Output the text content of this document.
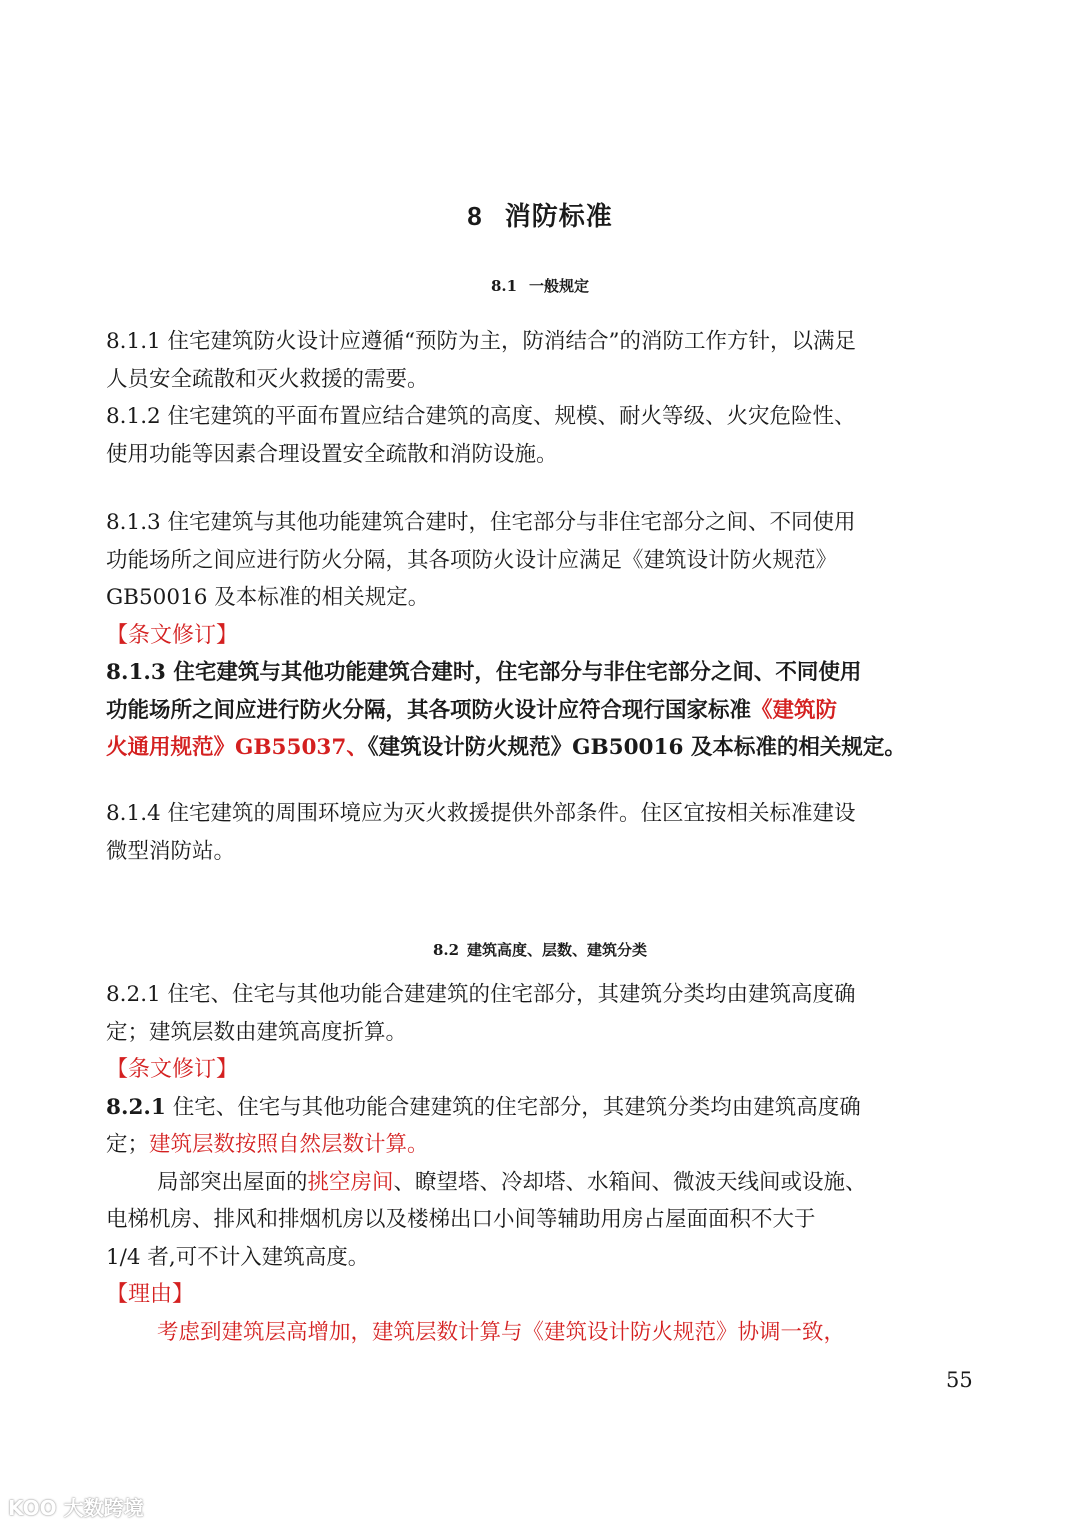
8 消防标准
8.1 一般规定
8.1.1 住宅建筑防火设计应遵循“预防为主，防消结合”的消防工作方针，以满足
人员安全疏散和灭火救援的需要。
8.1.2 住宅建筑的平面布置应结合建筑的高度、规模、耐火等级、火灾危险性、
使用功能等因素合理设置安全疏散和消防设施。
8.1.3 住宅建筑与其他功能建筑合建时，住宅部分与非住宅部分之间、不同使用
功能场所之间应进行防火分隔，其各项防火设计应满足《建筑设计防火规范》
GB50016 及本标准的相关规定。
【条文修订】
8.1.3 住宅建筑与其他功能建筑合建时，住宅部分与非住宅部分之间、不同使用
功能场所之间应进行防火分隔，其各项防火设计应符合现行国家标准《建筑防
火通用规范》GB55037、《建筑设计防火规范》GB50016 及本标准的相关规定。
8.1.4 住宅建筑的周围环境应为灭火救援提供外部条件。住区宜按相关标准建设
微型消防站。
8.2 建筑高度、层数、建筑分类
8.2.1 住宅、住宅与其他功能合建建筑的住宅部分，其建筑分类均由建筑高度确
定；建筑层数由建筑高度折算。
【条文修订】
8.2.1 住宅、住宅与其他功能合建建筑的住宅部分，其建筑分类均由建筑高度确
定；建筑层数按照自然层数计算。
局部突出屋面的挑空房间、瞭望塔、冷却塔、水箱间、微波天线间或设施、
电梯机房、排风和排烟机房以及楼梯出口小间等辅助用房占屋面面积不大于
1/4 者,可不计入建筑高度。
【理由】
考虑到建筑层高增加，建筑层数计算与《建筑设计防火规范》协调一致，
55
KOO 大数跨境
